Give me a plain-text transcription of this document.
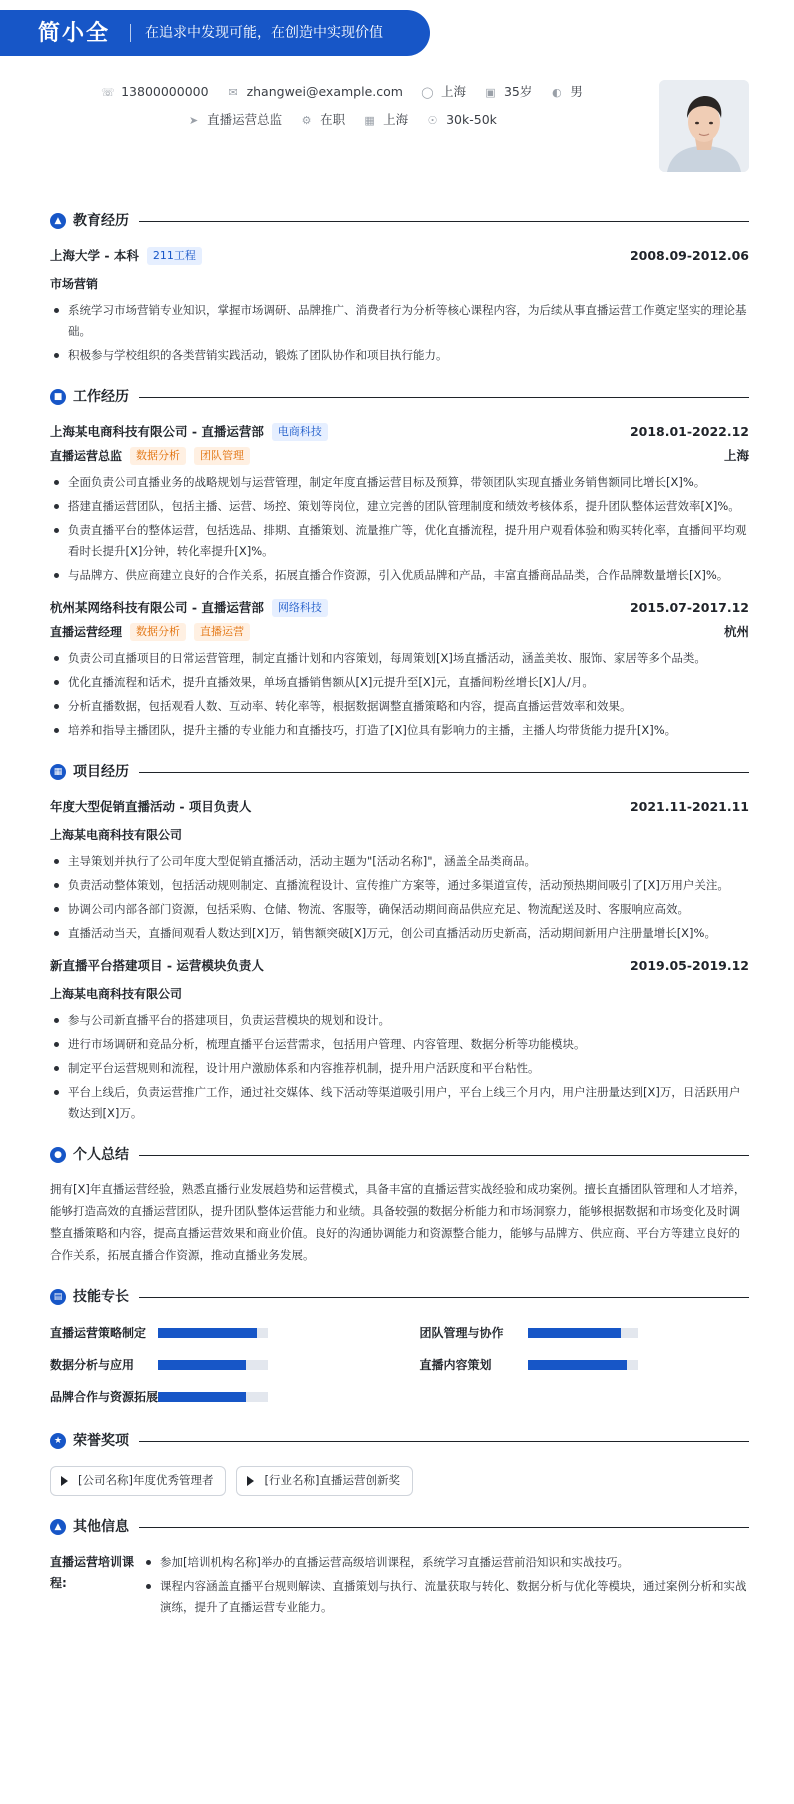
简小全	在追求中发现可能，在创造中实现价值
☏ 13800000000 ✉ zhangwei@example.com ◯ 上海 ▣ 35岁 ◐ 男
➤ 直播运营总监 ⚙ 在职 ▦ 上海 ☉ 30k-50k
▲ 教育经历
上海大学 - 本科	211工程	2008.09-2012.06
市场营销
系统学习市场营销专业知识，掌握市场调研、品牌推广、消费者行为分析等核心课程内容，为后续从事直播运营工作奠定坚实的理论基础。
积极参与学校组织的各类营销实践活动，锻炼了团队协作和项目执行能力。
■ 工作经历
上海某电商科技有限公司 - 直播运营部	电商科技	2018.01-2022.12
直播运营总监	数据分析	团队管理	上海
全面负责公司直播业务的战略规划与运营管理，制定年度直播运营目标及预算，带领团队实现直播业务销售额同比增长[X]%。
搭建直播运营团队，包括主播、运营、场控、策划等岗位，建立完善的团队管理制度和绩效考核体系，提升团队整体运营效率[X]%。
负责直播平台的整体运营，包括选品、排期、直播策划、流量推广等，优化直播流程，提升用户观看体验和购买转化率，直播间平均观看时长提升[X]分钟，转化率提升[X]%。
与品牌方、供应商建立良好的合作关系，拓展直播合作资源，引入优质品牌和产品，丰富直播商品品类，合作品牌数量增长[X]%。
杭州某网络科技有限公司 - 直播运营部	网络科技	2015.07-2017.12
直播运营经理	数据分析	直播运营	杭州
负责公司直播项目的日常运营管理，制定直播计划和内容策划，每周策划[X]场直播活动，涵盖美妆、服饰、家居等多个品类。
优化直播流程和话术，提升直播效果，单场直播销售额从[X]元提升至[X]元，直播间粉丝增长[X]人/月。
分析直播数据，包括观看人数、互动率、转化率等，根据数据调整直播策略和内容，提高直播运营效率和效果。
培养和指导主播团队，提升主播的专业能力和直播技巧，打造了[X]位具有影响力的主播，主播人均带货能力提升[X]%。
▦ 项目经历
年度大型促销直播活动 - 项目负责人	2021.11-2021.11
上海某电商科技有限公司
主导策划并执行了公司年度大型促销直播活动，活动主题为"[活动名称]"，涵盖全品类商品。
负责活动整体策划，包括活动规则制定、直播流程设计、宣传推广方案等，通过多渠道宣传，活动预热期间吸引了[X]万用户关注。
协调公司内部各部门资源，包括采购、仓储、物流、客服等，确保活动期间商品供应充足、物流配送及时、客服响应高效。
直播活动当天，直播间观看人数达到[X]万，销售额突破[X]万元，创公司直播活动历史新高，活动期间新用户注册量增长[X]%。
新直播平台搭建项目 - 运营模块负责人	2019.05-2019.12
上海某电商科技有限公司
参与公司新直播平台的搭建项目，负责运营模块的规划和设计。
进行市场调研和竞品分析，梳理直播平台运营需求，包括用户管理、内容管理、数据分析等功能模块。
制定平台运营规则和流程，设计用户激励体系和内容推荐机制，提升用户活跃度和平台粘性。
平台上线后，负责运营推广工作，通过社交媒体、线下活动等渠道吸引用户，平台上线三个月内，用户注册量达到[X]万，日活跃用户数达到[X]万。
● 个人总结

拥有[X]年直播运营经验，熟悉直播行业发展趋势和运营模式，具备丰富的直播运营实战经验和成功案例。擅长直播团队管理和人才培养，能够打造高效的直播运营团队，提升团队整体运营能力和业绩。具备较强的数据分析能力和市场洞察力，能够根据数据和市场变化及时调整直播策略和内容，提高直播运营效果和商业价值。良好的沟通协调能力和资源整合能力，能够与品牌方、供应商、平台方等建立良好的合作关系，拓展直播合作资源，推动直播业务发展。

▤ 技能专长
直播运营策略制定	团队管理与协作
数据分析与应用	直播内容策划
品牌合作与资源拓展
★ 荣誉奖项
[公司名称]年度优秀管理者	[行业名称]直播运营创新奖
▲ 其他信息
直播运营培训课程:
参加[培训机构名称]举办的直播运营高级培训课程，系统学习直播运营前沿知识和实战技巧。
课程内容涵盖直播平台规则解读、直播策划与执行、流量获取与转化、数据分析与优化等模块，通过案例分析和实战演练，提升了直播运营专业能力。
